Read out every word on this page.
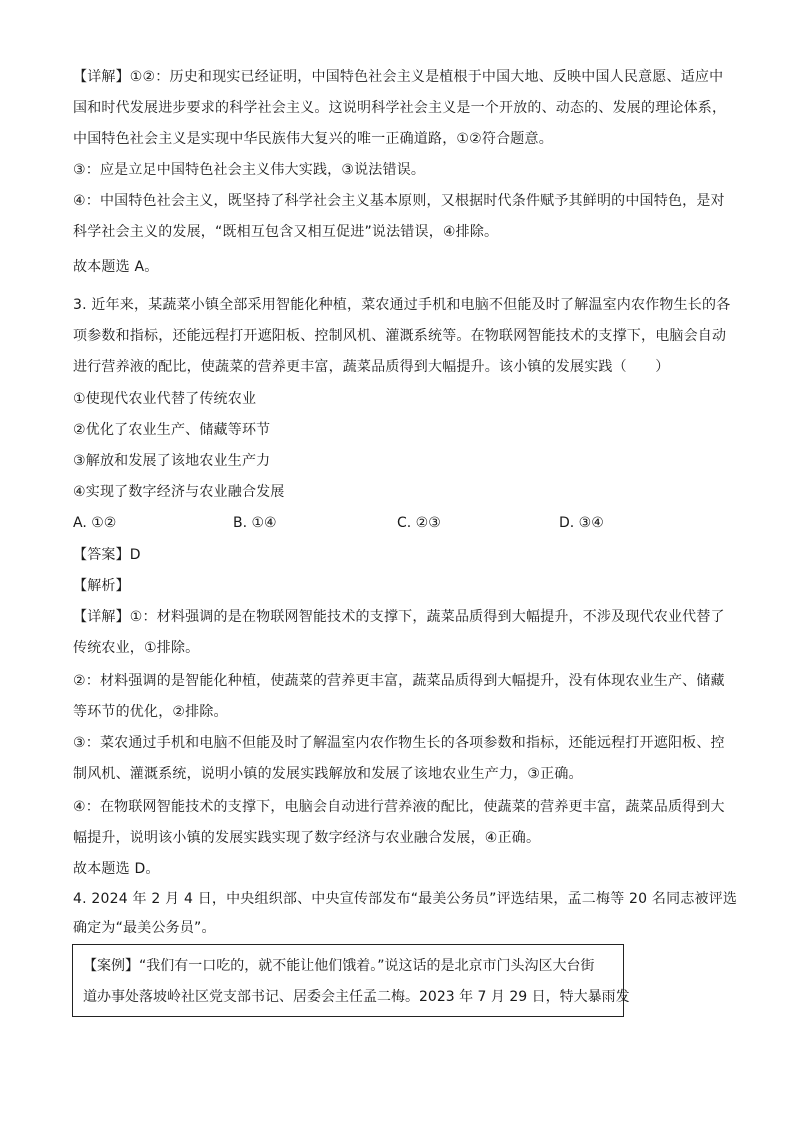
【详解】①②：历史和现实已经证明，中国特色社会主义是植根于中国大地、反映中国人民意愿、适应中
国和时代发展进步要求的科学社会主义。这说明科学社会主义是一个开放的、动态的、发展的理论体系，
中国特色社会主义是实现中华民族伟大复兴的唯一正确道路，①②符合题意。
③：应是立足中国特色社会主义伟大实践，③说法错误。
④：中国特色社会主义，既坚持了科学社会主义基本原则，又根据时代条件赋予其鲜明的中国特色，是对
科学社会主义的发展，“既相互包含又相互促进”说法错误，④排除。
故本题选 A。
3. 近年来，某蔬菜小镇全部采用智能化种植，菜农通过手机和电脑不但能及时了解温室内农作物生长的各
项参数和指标，还能远程打开遮阳板、控制风机、灌溉系统等。在物联网智能技术的支撑下，电脑会自动
进行营养液的配比，使蔬菜的营养更丰富，蔬菜品质得到大幅提升。该小镇的发展实践（　　）
①使现代农业代替了传统农业
②优化了农业生产、储藏等环节
③解放和发展了该地农业生产力
④实现了数字经济与农业融合发展
A. ①②	B. ①④	C. ②③	D. ③④
【答案】D
【解析】
【详解】①：材料强调的是在物联网智能技术的支撑下，蔬菜品质得到大幅提升，不涉及现代农业代替了
传统农业，①排除。
②：材料强调的是智能化种植，使蔬菜的营养更丰富，蔬菜品质得到大幅提升，没有体现农业生产、储藏
等环节的优化，②排除。
③：菜农通过手机和电脑不但能及时了解温室内农作物生长的各项参数和指标，还能远程打开遮阳板、控
制风机、灌溉系统，说明小镇的发展实践解放和发展了该地农业生产力，③正确。
④：在物联网智能技术的支撑下，电脑会自动进行营养液的配比，使蔬菜的营养更丰富，蔬菜品质得到大
幅提升，说明该小镇的发展实践实现了数字经济与农业融合发展，④正确。
故本题选 D。
4. 2024 年 2 月 4 日，中央组织部、中央宣传部发布“最美公务员”评选结果，孟二梅等 20 名同志被评选
确定为“最美公务员”。
【案例】“我们有一口吃的，就不能让他们饿着。”说这话的是北京市门头沟区大台街
道办事处落坡岭社区党支部书记、居委会主任孟二梅。2023 年 7 月 29 日，特大暴雨发
